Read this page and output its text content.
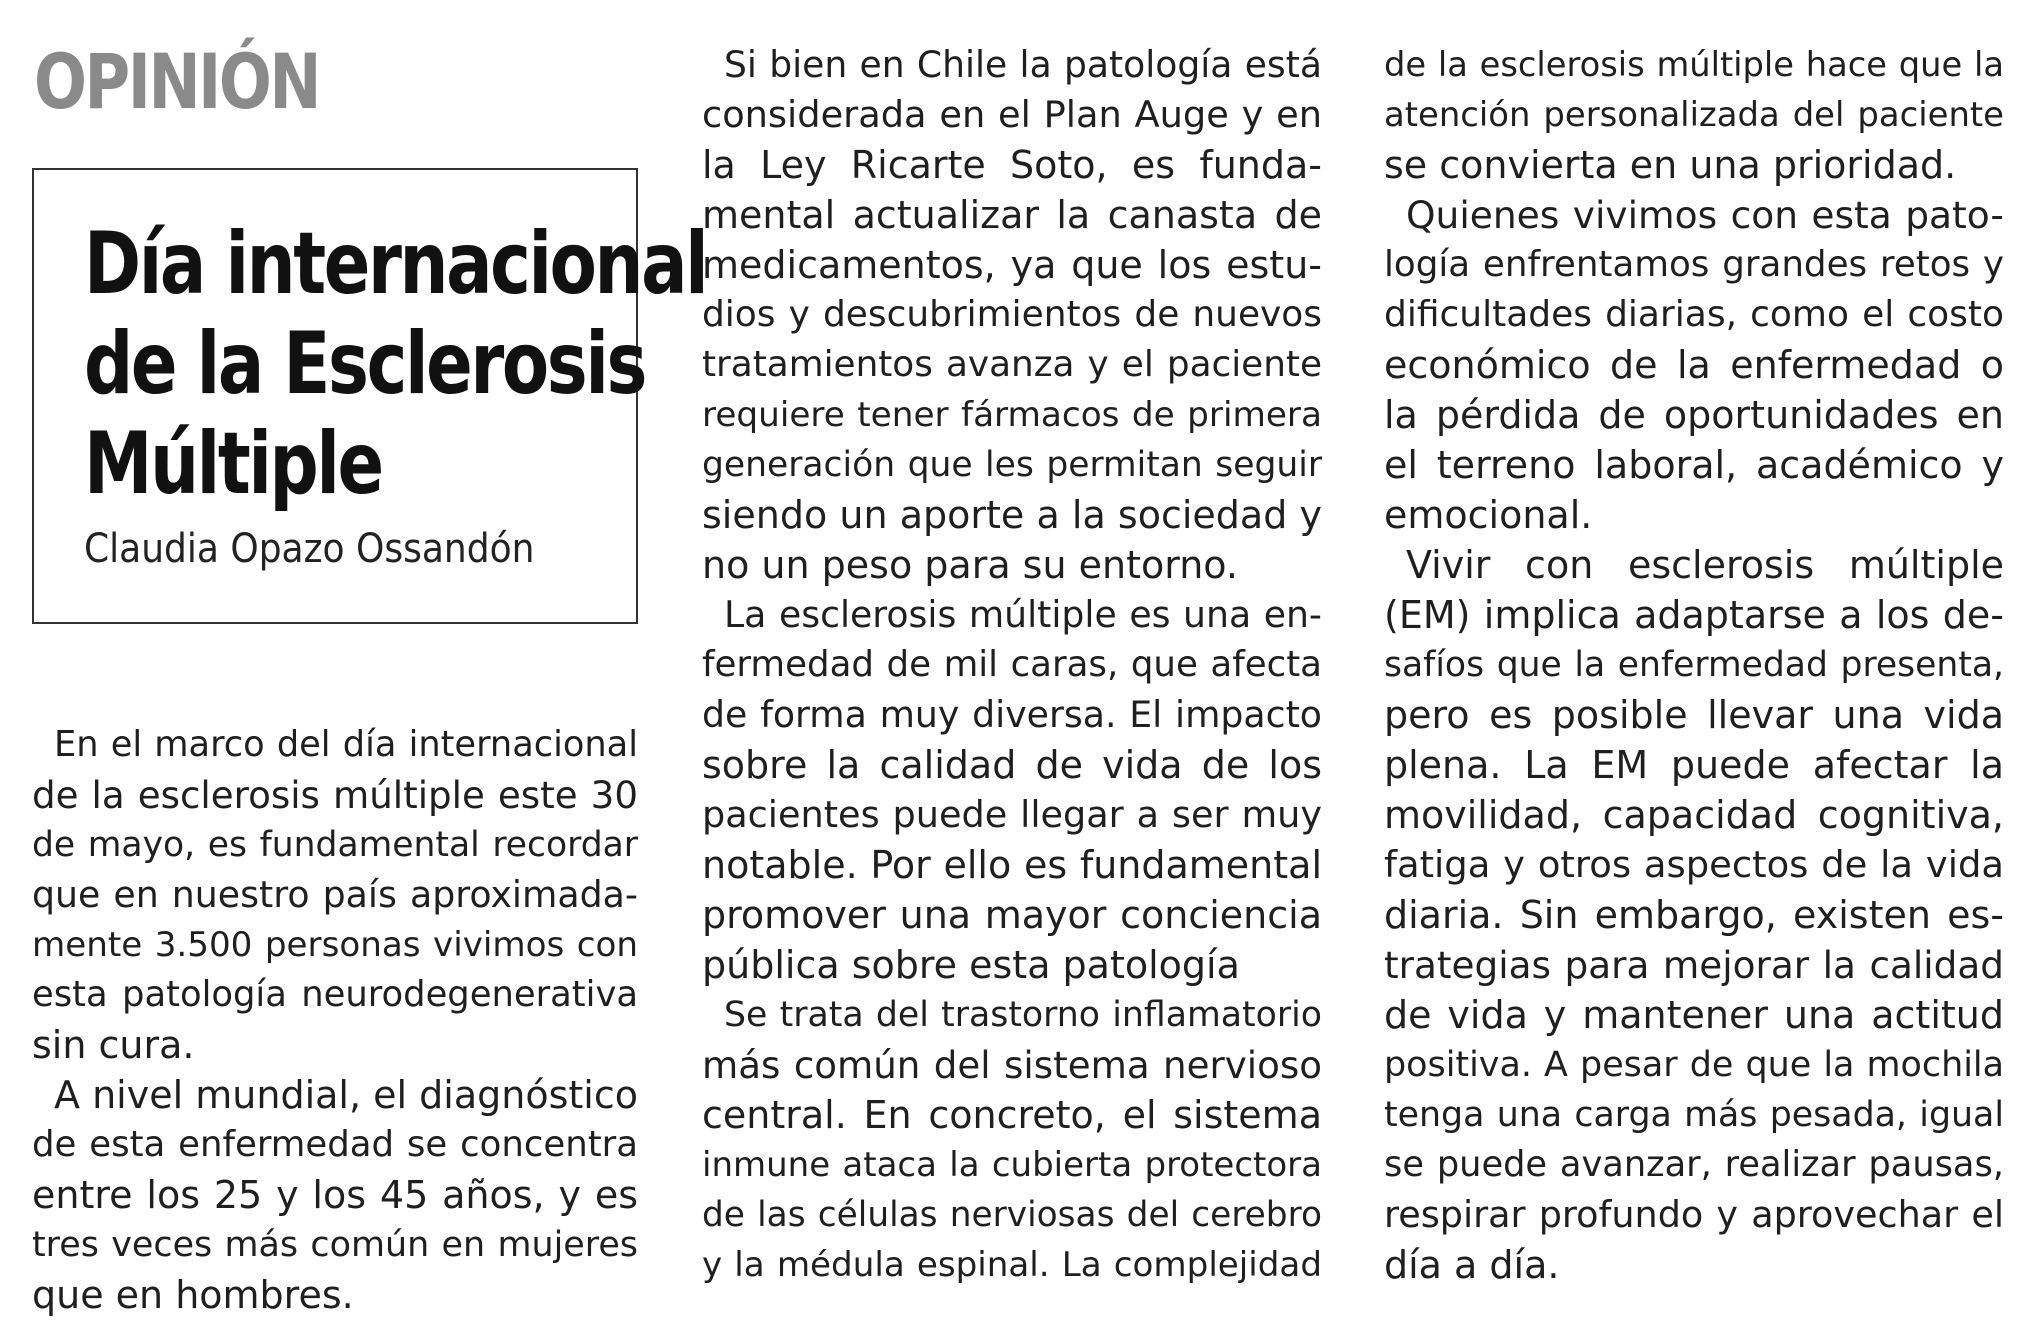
OPINIÓN
Día internacional
de la Esclerosis
Múltiple
Claudia Opazo Ossandón
En el marco del día internacional
de la esclerosis múltiple este 30
de mayo, es fundamental recordar
que en nuestro país aproximada-
mente 3.500 personas vivimos con
esta patología neurodegenerativa
sin cura.
A nivel mundial, el diagnóstico
de esta enfermedad se concentra
entre los 25 y los 45 años, y es
tres veces más común en mujeres
que en hombres.
Si bien en Chile la patología está
considerada en el Plan Auge y en
la Ley Ricarte Soto, es funda-
mental actualizar la canasta de
medicamentos, ya que los estu-
dios y descubrimientos de nuevos
tratamientos avanza y el paciente
requiere tener fármacos de primera
generación que les permitan seguir
siendo un aporte a la sociedad y
no un peso para su entorno.
La esclerosis múltiple es una en-
fermedad de mil caras, que afecta
de forma muy diversa. El impacto
sobre la calidad de vida de los
pacientes puede llegar a ser muy
notable. Por ello es fundamental
promover una mayor conciencia
pública sobre esta patología
Se trata del trastorno inflamatorio
más común del sistema nervioso
central. En concreto, el sistema
inmune ataca la cubierta protectora
de las células nerviosas del cerebro
y la médula espinal. La complejidad
de la esclerosis múltiple hace que la
atención personalizada del paciente
se convierta en una prioridad.
Quienes vivimos con esta pato-
logía enfrentamos grandes retos y
dificultades diarias, como el costo
económico de la enfermedad o
la pérdida de oportunidades en
el terreno laboral, académico y
emocional.
Vivir con esclerosis múltiple
(EM) implica adaptarse a los de-
safíos que la enfermedad presenta,
pero es posible llevar una vida
plena. La EM puede afectar la
movilidad, capacidad cognitiva,
fatiga y otros aspectos de la vida
diaria. Sin embargo, existen es-
trategias para mejorar la calidad
de vida y mantener una actitud
positiva. A pesar de que la mochila
tenga una carga más pesada, igual
se puede avanzar, realizar pausas,
respirar profundo y aprovechar el
día a día.
